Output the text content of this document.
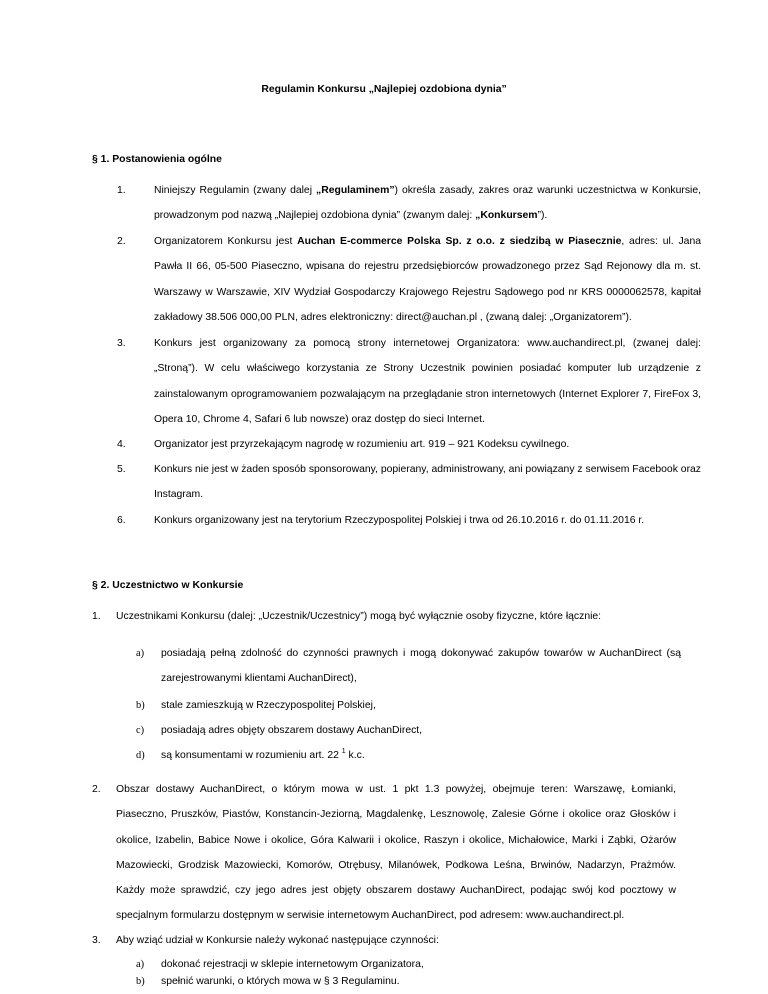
Regulamin Konkursu „Najlepiej ozdobiona dynia”
§ 1. Postanowienia ogólne
1.	Niniejszy Regulamin (zwany dalej „Regulaminem”) określa zasady, zakres oraz warunki uczestnictwa w Konkursie, prowadzonym pod nazwą „Najlepiej ozdobiona dynia” (zwanym dalej: „Konkursem”).
2.	Organizatorem Konkursu jest Auchan E-commerce Polska Sp. z o.o. z siedzibą w Piasecznie, adres: ul. Jana Pawła II 66, 05-500 Piaseczno, wpisana do rejestru przedsiębiorców prowadzonego przez Sąd Rejonowy dla m. st. Warszawy w Warszawie, XIV Wydział Gospodarczy Krajowego Rejestru Sądowego pod nr KRS 0000062578, kapitał zakładowy 38.506 000,00 PLN, adres elektroniczny: direct@auchan.pl , (zwaną dalej: „Organizatorem”).
3.	Konkurs jest organizowany za pomocą strony internetowej Organizatora: www.auchandirect.pl, (zwanej dalej: „Stroną”). W celu właściwego korzystania ze Strony Uczestnik powinien posiadać komputer lub urządzenie z zainstalowanym oprogramowaniem pozwalającym na przeglądanie stron internetowych (Internet Explorer 7, FireFox 3, Opera 10, Chrome 4, Safari 6 lub nowsze) oraz dostęp do sieci Internet.
4.	Organizator jest przyrzekającym nagrodę w rozumieniu art. 919 – 921 Kodeksu cywilnego.
5.	Konkurs nie jest w żaden sposób sponsorowany, popierany, administrowany, ani powiązany z serwisem Facebook oraz Instagram.
6.	Konkurs organizowany jest na terytorium Rzeczypospolitej Polskiej i trwa od 26.10.2016 r. do 01.11.2016 r.
§ 2. Uczestnictwo w Konkursie
1.	Uczestnikami Konkursu (dalej: „Uczestnik/Uczestnicy”) mogą być wyłącznie osoby fizyczne, które łącznie:
a)	posiadają pełną zdolność do czynności prawnych i mogą dokonywać zakupów towarów w AuchanDirect (są zarejestrowanymi klientami AuchanDirect),
b)	stale zamieszkują w Rzeczypospolitej Polskiej,
c)	posiadają adres objęty obszarem dostawy AuchanDirect,
d)	są konsumentami w rozumieniu art. 22 $^1$ k.c.
2.	Obszar dostawy AuchanDirect, o którym mowa w ust. 1 pkt 1.3 powyżej, obejmuje teren: Warszawę, Łomianki, Piaseczno, Pruszków, Piastów, Konstancin-Jeziorną, Magdalenkę, Lesznowolę, Zalesie Górne i okolice oraz Głosków i okolice, Izabelin, Babice Nowe i okolice, Góra Kalwarii i okolice, Raszyn i okolice, Michałowice, Marki i Ząbki, Ożarów Mazowiecki, Grodzisk Mazowiecki, Komorów, Otrębusy, Milanówek, Podkowa Leśna, Brwinów, Nadarzyn, Prażmów. Każdy może sprawdzić, czy jego adres jest objęty obszarem dostawy AuchanDirect, podając swój kod pocztowy w specjalnym formularzu dostępnym w serwisie internetowym AuchanDirect, pod adresem: www.auchandirect.pl.
3.	Aby wziąć udział w Konkursie należy wykonać następujące czynności:
a)	dokonać rejestracji w sklepie internetowym Organizatora,
b)	spełnić warunki, o których mowa w § 3 Regulaminu.
